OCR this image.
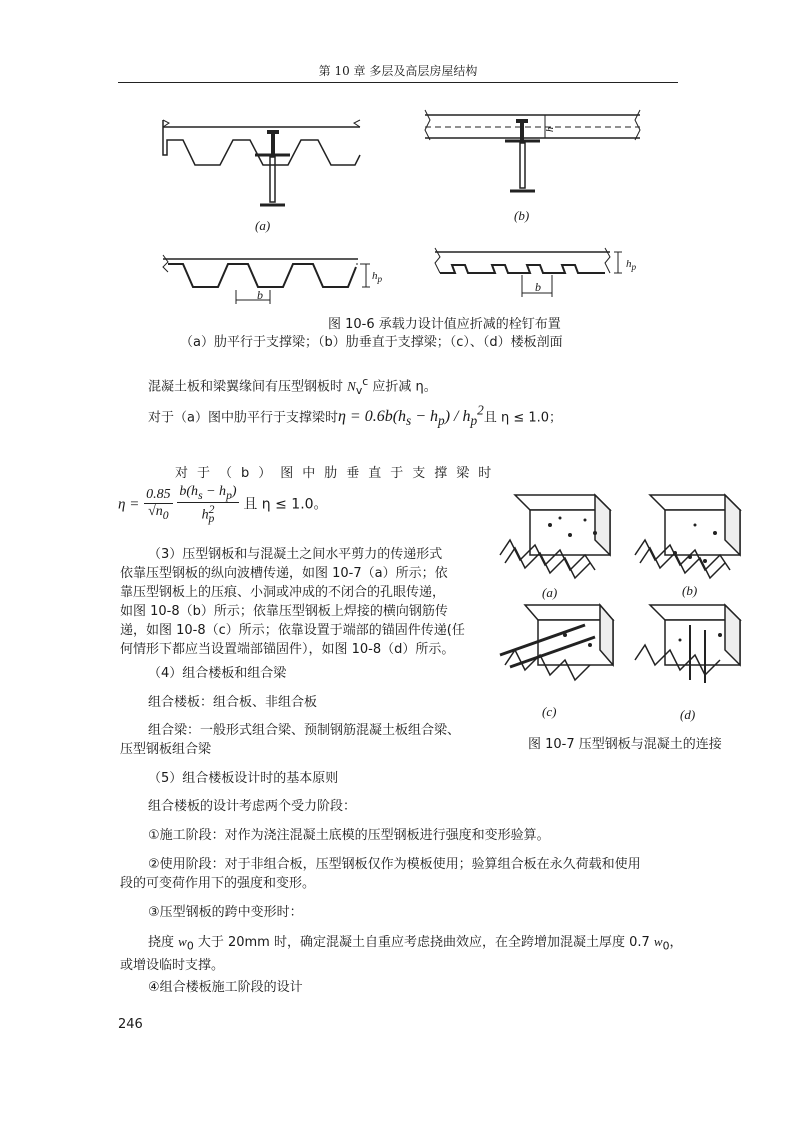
第 10 章 多层及高层房屋结构
(a)
h
(b)
b
$h_p$
b
$h_p$
图 10-6 承载力设计值应折减的栓钉布置
（a）肋平行于支撑梁；（b）肋垂直于支撑梁；（c）、（d）楼板剖面
混凝土板和梁翼缘间有压型钢板时 $N_v^c$ 应折减 η。
对于（a）图中肋平行于支撑梁时$\eta = 0.6b(h_s - h_p) / h_p^2$且 η ≤ 1.0；
对于（b）图中肋垂直于支撑梁时
$\eta = \frac{0.85}{√n_0}$
$\frac{b(h_s - h_p)}{h^2_p}$ 且 η ≤ 1.0。
（3）压型钢板和与混凝土之间水平剪力的传递形式
依靠压型钢板的纵向波槽传递，如图 10-7（a）所示；依
靠压型钢板上的压痕、小洞或冲成的不闭合的孔眼传递，
如图 10-8（b）所示；依靠压型钢板上焊接的横向钢筋传
递，如图 10-8（c）所示；依靠设置于端部的锚固件传递(任
何情形下都应当设置端部锚固件），如图 10-8（d）所示。
(a)	(b)
(c)	(d)
图 10-7 压型钢板与混凝土的连接
（4）组合楼板和组合梁
组合楼板：组合板、非组合板
组合梁：一般形式组合梁、预制钢筋混凝土板组合梁、
压型钢板组合梁
（5）组合楼板设计时的基本原则
组合楼板的设计考虑两个受力阶段：
①施工阶段：对作为浇注混凝土底模的压型钢板进行强度和变形验算。
②使用阶段：对于非组合板，压型钢板仅作为模板使用；验算组合板在永久荷载和使用
段的可变荷作用下的强度和变形。
③压型钢板的跨中变形时：
挠度 $w_0$ 大于 20mm 时，确定混凝土自重应考虑挠曲效应，在全跨增加混凝土厚度 0.7 $w_0$，
或增设临时支撑。
④组合楼板施工阶段的设计
246
